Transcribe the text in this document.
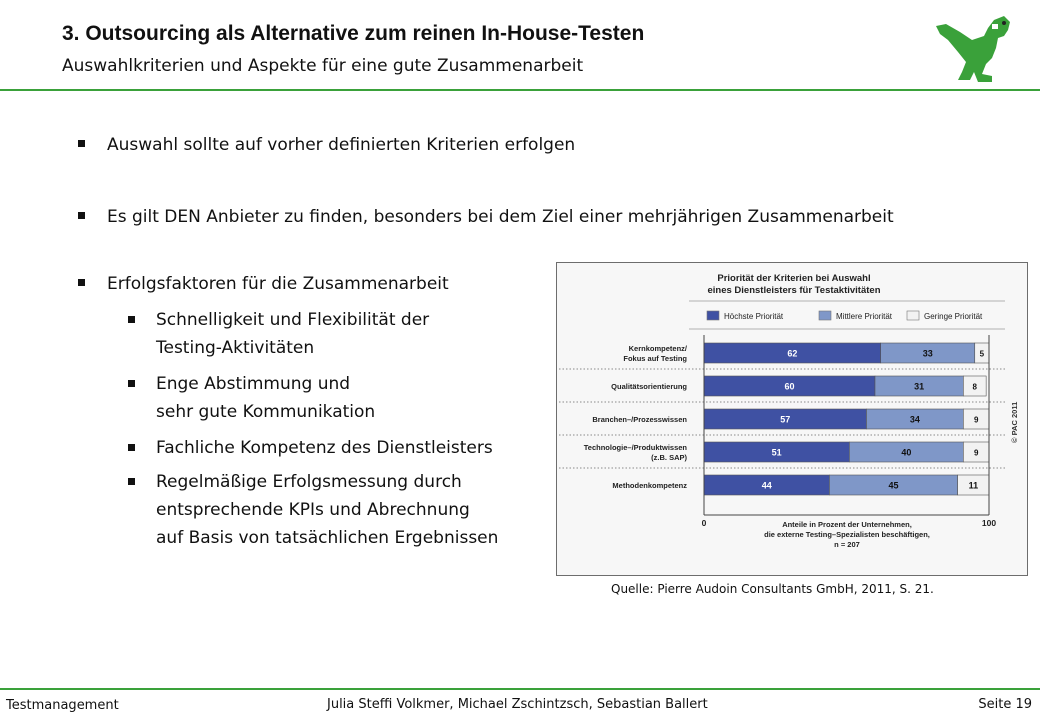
3. Outsourcing als Alternative zum reinen In-House-Testen
Auswahlkriterien und Aspekte für eine gute Zusammenarbeit
Auswahl sollte auf vorher definierten Kriterien erfolgen
Es gilt DEN Anbieter zu finden, besonders bei dem Ziel einer mehrjährigen Zusammenarbeit
Erfolgsfaktoren für die Zusammenarbeit
Schnelligkeit und Flexibilität der
Testing-Aktivitäten
Enge Abstimmung und
sehr gute Kommunikation
Fachliche Kompetenz des Dienstleisters
Regelmäßige Erfolgsmessung durch
entsprechende KPIs und Abrechnung
auf Basis von tatsächlichen Ergebnissen
Priorität der Kriterien bei Auswahl
eines Dienstleisters für Testaktivitäten
Höchste Priorität	Mittlere Priorität	Geringe Priorität
Kernkompetenz/
Fokus auf Testing	62	33	5
Qualitätsorientierung	60	31	8
Branchen–/Prozesswissen	57	34	9
Technologie–/Produktwissen
(z.B. SAP)	51	40	9
Methodenkompetenz	44	45	11
0	100
Anteile in Prozent der Unternehmen,
die externe Testing–Spezialisten beschäftigen,
n = 207
© PAC 2011
Quelle: Pierre Audoin Consultants GmbH, 2011, S. 21.
Testmanagement	Julia Steffi Volkmer, Michael Zschintzsch, Sebastian Ballert	Seite 19
